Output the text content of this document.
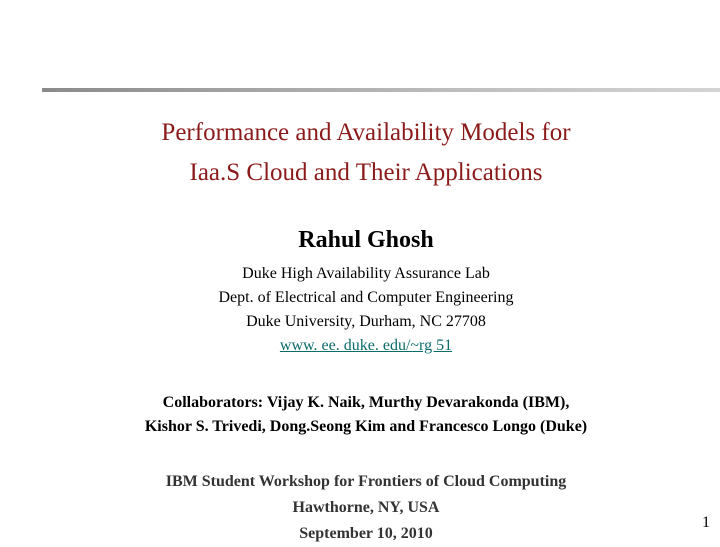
Performance and Availability Models for
Iaa.S Cloud and Their Applications
Rahul Ghosh
Duke High Availability Assurance Lab
Dept. of Electrical and Computer Engineering
Duke University, Durham, NC 27708
www. ee. duke. edu/~rg 51
Collaborators: Vijay K. Naik, Murthy Devarakonda (IBM),
Kishor S. Trivedi, Dong.Seong Kim and Francesco Longo (Duke)
IBM Student Workshop for Frontiers of Cloud Computing
Hawthorne, NY, USA
September 10, 2010
1
